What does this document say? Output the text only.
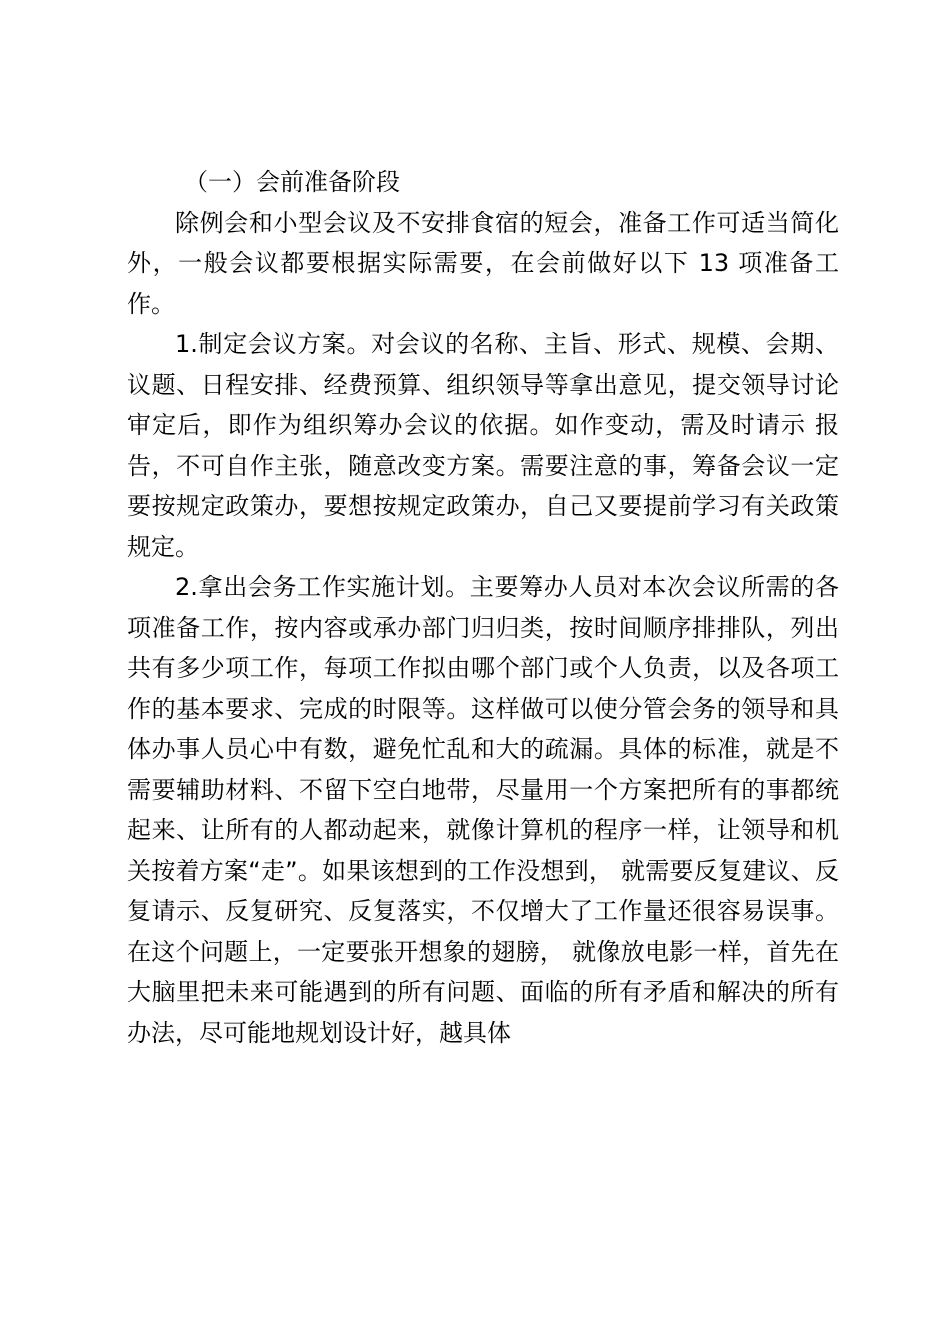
（一）会前准备阶段

除例会和小型会议及不安排食宿的短会，准备工作可适当简化外，一般会议都要根据实际需要，在会前做好以下 13 项准备工作。

1.制定会议方案。对会议的名称、主旨、形式、规模、会期、议题、日程安排、经费预算、组织领导等拿出意见，提交领导讨论审定后，即作为组织筹办会议的依据。如作变动，需及时请示 报告，不可自作主张，随意改变方案。需要注意的事，筹备会议一定要按规定政策办，要想按规定政策办，自己又要提前学习有关政策规定。

2.拿出会务工作实施计划。主要筹办人员对本次会议所需的各项准备工作，按内容或承办部门归归类，按时间顺序排排队，列出共有多少项工作，每项工作拟由哪个部门或个人负责，以及各项工作的基本要求、完成的时限等。这样做可以使分管会务的领导和具体办事人员心中有数，避免忙乱和大的疏漏。具体的标准，就是不需要辅助材料、不留下空白地带，尽量用一个方案把所有的事都统起来、让所有的人都动起来，就像计算机的程序一样，让领导和机关按着方案“走”。如果该想到的工作没想到， 就需要反复建议、反复请示、反复研究、反复落实，不仅增大了工作量还很容易误事。在这个问题上，一定要张开想象的翅膀， 就像放电影一样，首先在大脑里把未来可能遇到的所有问题、面临的所有矛盾和解决的所有办法，尽可能地规划设计好，越具体
